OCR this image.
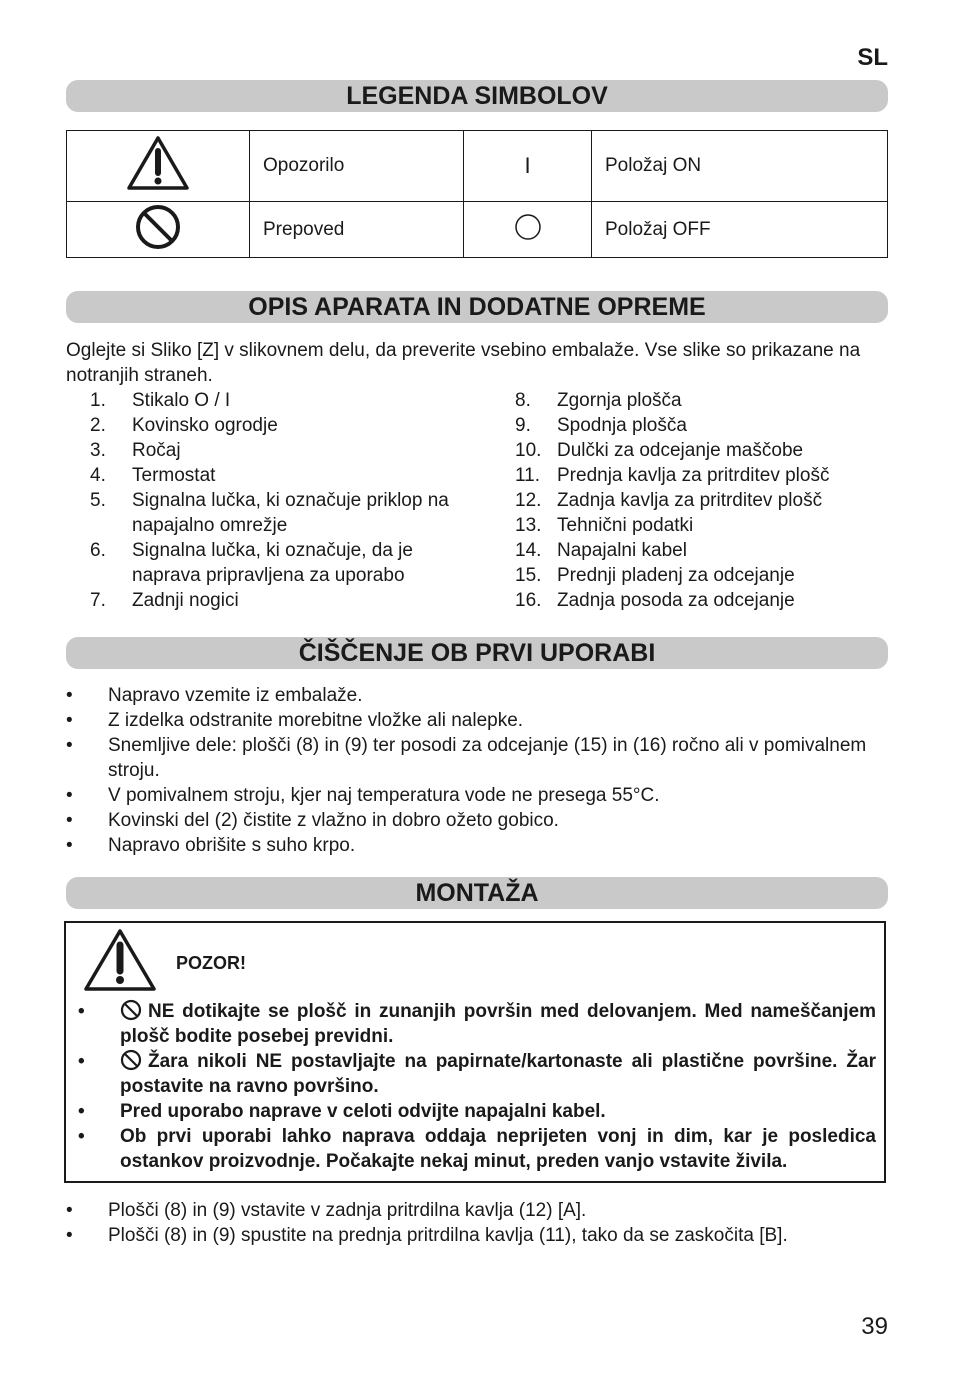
SL
LEGENDA SIMBOLOV
	Opozorilo	I	Položaj ON
	Prepoved		Položaj OFF
OPIS APARATA IN DODATNE OPREME
Oglejte si Sliko [Z] v slikovnem delu, da preverite vsebino embalaže. Vse slike so prikazane na notranjih straneh.
1.	Stikalo O / I
2.	Kovinsko ogrodje
3.	Ročaj
4.	Termostat
5.	Signalna lučka, ki označuje priklop na napajalno omrežje
6.	Signalna lučka, ki označuje, da je naprava pripravljena za uporabo
7.	Zadnji nogici
8.	Zgornja plošča
9.	Spodnja plošča
10. Dulčki za odcejanje maščobe
11. Prednja kavlja za pritrditev plošč
12. Zadnja kavlja za pritrditev plošč
13. Tehnični podatki
14. Napajalni kabel
15. Prednji pladenj za odcejanje
16. Zadnja posoda za odcejanje
ČIŠČENJE OB PRVI UPORABI
•	Napravo vzemite iz embalaže.
•	Z izdelka odstranite morebitne vložke ali nalepke.
•	Snemljive dele: plošči (8) in (9) ter posodi za odcejanje (15) in (16) ročno ali v pomivalnem stroju.
•	V pomivalnem stroju, kjer naj temperatura vode ne presega 55°C.
•	Kovinski del (2) čistite z vlažno in dobro ožeto gobico.
•	Napravo obrišite s suho krpo.
MONTAŽA
POZOR!
•	NE dotikajte se plošč in zunanjih površin med delovanjem. Med nameščanjem plošč bodite posebej previdni.
•	Žara nikoli NE postavljajte na papirnate/kartonaste ali plastične površine. Žar postavite na ravno površino.
•	Pred uporabo naprave v celoti odvijte napajalni kabel.
•	Ob prvi uporabi lahko naprava oddaja neprijeten vonj in dim, kar je posledica ostankov proizvodnje. Počakajte nekaj minut, preden vanjo vstavite živila.
•	Plošči (8) in (9) vstavite v zadnja pritrdilna kavlja (12) [A].
•	Plošči (8) in (9) spustite na prednja pritrdilna kavlja (11), tako da se zaskočita [B].
39
